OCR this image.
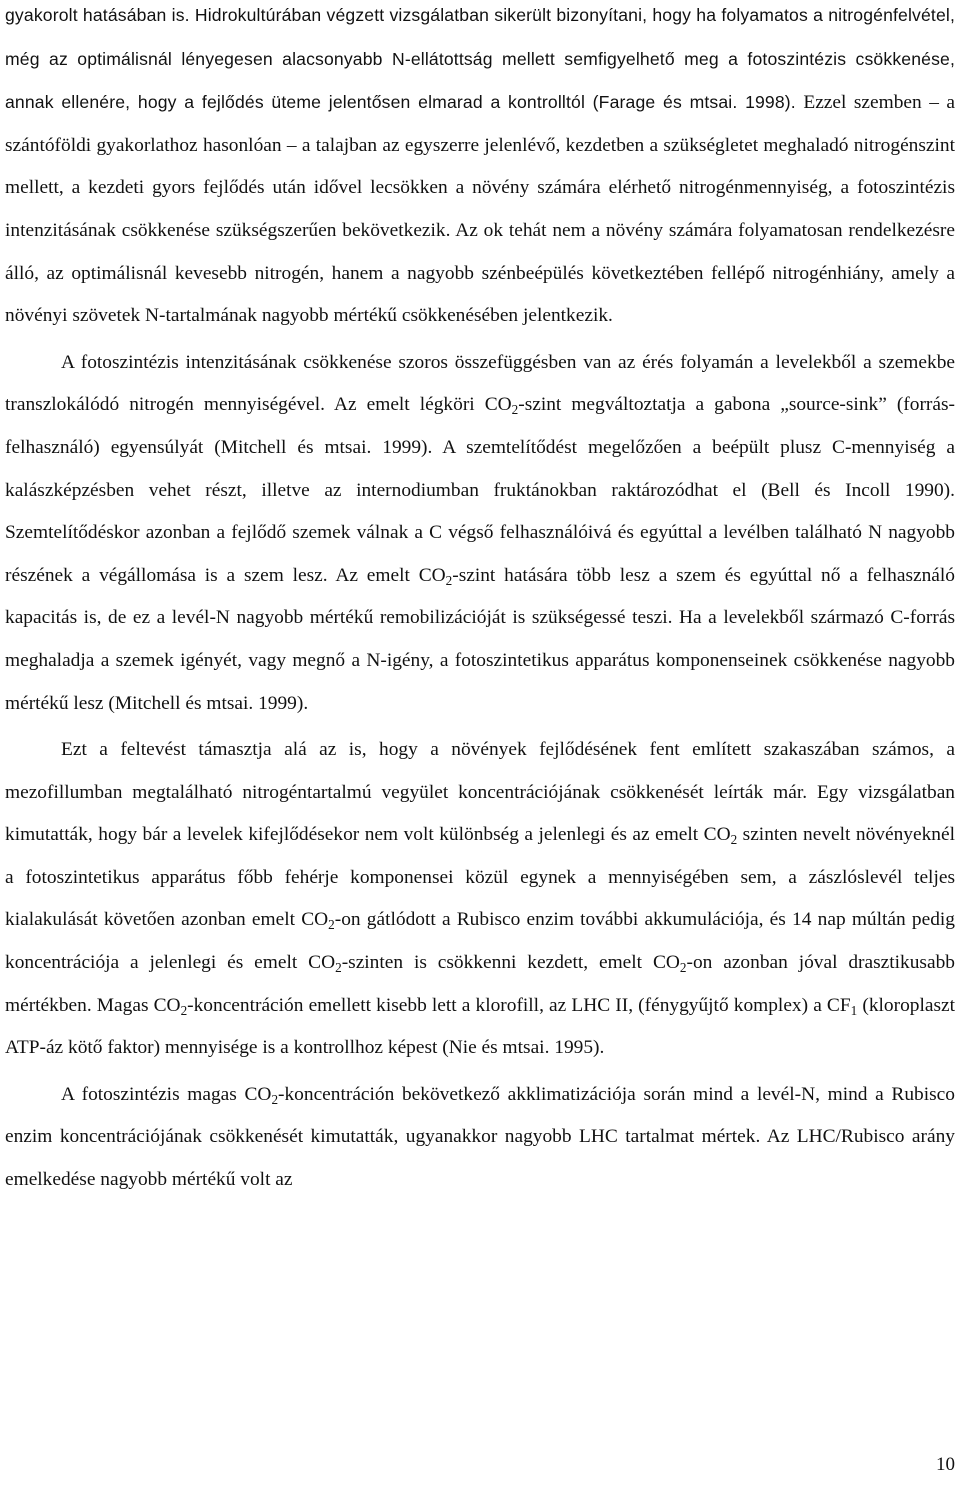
gyakorolt hatásában is. Hidrokultúrában végzett vizsgálatban sikerült bizonyítani, hogy ha folyamatos a nitrogénfelvétel, még az optimálisnál lényegesen alacsonyabb N-ellátottság mellett semfigyelhető meg a fotoszintézis csökkenése, annak ellenére, hogy a fejlődés üteme jelentősen elmarad a kontrolltól (Farage és mtsai. 1998). Ezzel szemben – a szántóföldi gyakorlathoz hasonlóan – a talajban az egyszerre jelenlévő, kezdetben a szükségletet meghaladó nitrogénszint mellett, a kezdeti gyors fejlődés után idővel lecsökken a növény számára elérhető nitrogénmennyiség, a fotoszintézis intenzitásának csökkenése szükségszerűen bekövetkezik. Az ok tehát nem a növény számára folyamatosan rendelkezésre álló, az optimálisnál kevesebb nitrogén, hanem a nagyobb szénbeépülés következtében fellépő nitrogénhiány, amely a növényi szövetek N-tartalmának nagyobb mértékű csökkenésében jelentkezik.

A fotoszintézis intenzitásának csökkenése szoros összefüggésben van az érés folyamán a levelekből a szemekbe transzlokálódó nitrogén mennyiségével. Az emelt légköri $CO_2$-szint megváltoztatja a gabona „source-sink” (forrás-felhasználó) egyensúlyát (Mitchell és mtsai. 1999). A szemtelítődést megelőzően a beépült plusz C-mennyiség a kalászképzésben vehet részt, illetve az internodiumban fruktánokban raktározódhat el (Bell és Incoll 1990). Szemtelítődéskor azonban a fejlődő szemek válnak a C végső felhasználóivá és egyúttal a levélben található N nagyobb részének a végállomása is a szem lesz. Az emelt $CO_2$-szint hatására több lesz a szem és egyúttal nő a felhasználó kapacitás is, de ez a levél-N nagyobb mértékű remobilizációját is szükségessé teszi. Ha a levelekből származó C-forrás meghaladja a szemek igényét, vagy megnő a N-igény, a fotoszintetikus apparátus komponenseinek csökkenése nagyobb mértékű lesz (Mitchell és mtsai. 1999).

Ezt a feltevést támasztja alá az is, hogy a növények fejlődésének fent említett szakaszában számos, a mezofillumban megtalálható nitrogéntartalmú vegyület koncentrációjának csökkenését leírták már. Egy vizsgálatban kimutatták, hogy bár a levelek kifejlődésekor nem volt különbség a jelenlegi és az emelt $CO_2$ szinten nevelt növényeknél a fotoszintetikus apparátus főbb fehérje komponensei közül egynek a mennyiségében sem, a zászlóslevél teljes kialakulását követően azonban emelt $CO_2-on$ gátlódott a Rubisco enzim további akkumulációja, és 14 nap múltán pedig koncentrációja a jelenlegi és emelt $CO_2$-szinten is csökkenni kezdett, emelt $CO_2-on$ azonban jóval drasztikusabb mértékben. Magas $CO_2$-koncentráción emellett kisebb lett a klorofill, az LHC II, (fénygyűjtő komplex) a $CF_1$ (kloroplaszt ATP-áz kötő faktor) mennyisége is a kontrollhoz képest (Nie és mtsai. 1995).

A fotoszintézis magas $CO_2$-koncentráción bekövetkező akklimatizációja során mind a levél-N, mind a Rubisco enzim koncentrációjának csökkenését kimutatták, ugyanakkor nagyobb LHC tartalmat mértek. Az LHC/Rubisco arány emelkedése nagyobb mértékű volt az

10
